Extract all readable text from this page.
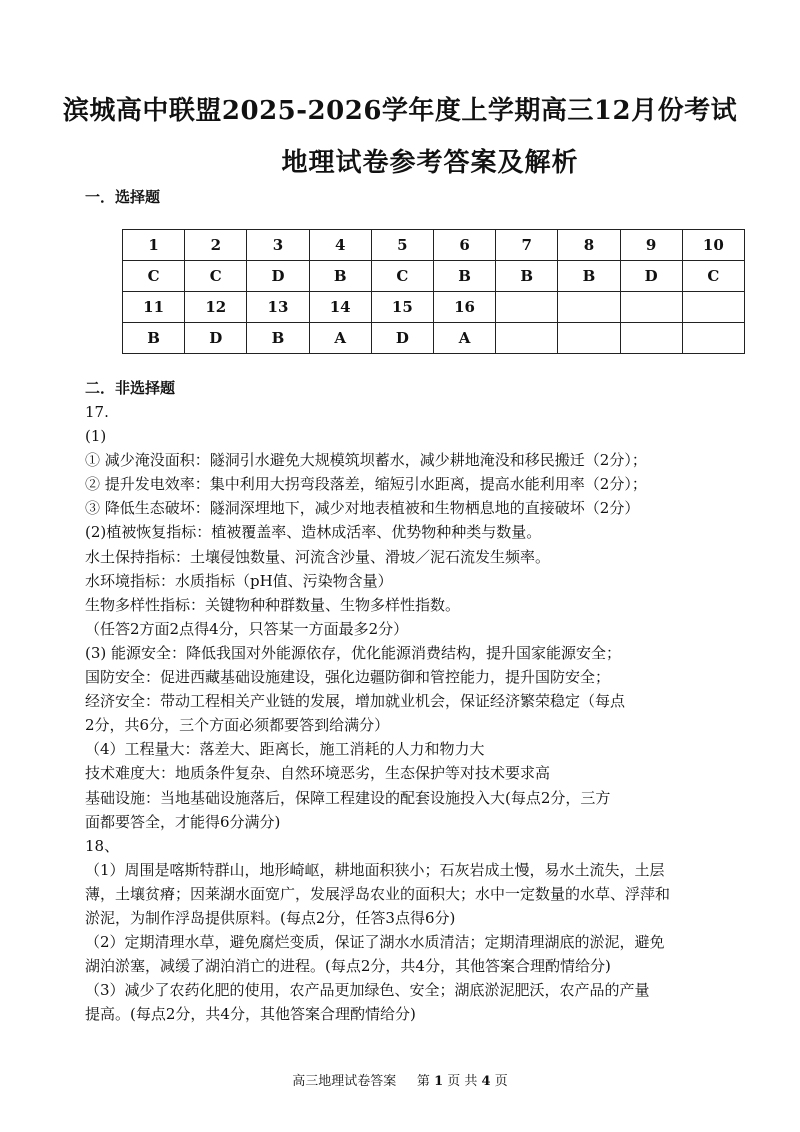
滨城高中联盟2025-2026学年度上学期高三12月份考试
地理试卷参考答案及解析
一．选择题
1	2	3	4	5	6	7	8	9	10
C	C	D	B	C	B	B	B	D	C
11	12	13	14	15	16				
B	D	B	A	D	A				
二．非选择题

17.

(1)

① 减少淹没面积：隧洞引水避免大规模筑坝蓄水，减少耕地淹没和移民搬迁（2分）；

② 提升发电效率：集中利用大拐弯段落差，缩短引水距离，提高水能利用率（2分）；

③ 降低生态破坏：隧洞深埋地下，减少对地表植被和生物栖息地的直接破坏（2分）

(2)植被恢复指标：植被覆盖率、造林成活率、优势物种种类与数量。

水土保持指标：土壤侵蚀数量、河流含沙量、滑坡／泥石流发生频率。

水环境指标：水质指标（pH值、污染物含量）

生物多样性指标：关键物种种群数量、生物多样性指数。

（任答2方面2点得4分，只答某一方面最多2分）

(3) 能源安全：降低我国对外能源依存，优化能源消费结构，提升国家能源安全；

国防安全：促进西藏基础设施建设，强化边疆防御和管控能力，提升国防安全；

经济安全：带动工程相关产业链的发展，增加就业机会，保证经济繁荣稳定（每点

2分，共6分，三个方面必须都要答到给满分）

（4）工程量大：落差大、距离长，施工消耗的人力和物力大

技术难度大：地质条件复杂、自然环境恶劣，生态保护等对技术要求高

基础设施：当地基础设施落后，保障工程建设的配套设施投入大(每点2分，三方

面都要答全，才能得6分满分)

18、

（1）周围是喀斯特群山，地形崎岖，耕地面积狭小；石灰岩成土慢，易水土流失，土层

薄，土壤贫瘠；因莱湖水面宽广，发展浮岛农业的面积大；水中一定数量的水草、浮萍和

淤泥，为制作浮岛提供原料。(每点2分，任答3点得6分)

（2）定期清理水草，避免腐烂变质，保证了湖水水质清洁；定期清理湖底的淤泥，避免

湖泊淤塞，减缓了湖泊消亡的进程。(每点2分，共4分，其他答案合理酌情给分)

（3）减少了农药化肥的使用，农产品更加绿色、安全；湖底淤泥肥沃，农产品的产量

提高。(每点2分，共4分，其他答案合理酌情给分)

高三地理试卷答案 第 1 页 共 4 页
